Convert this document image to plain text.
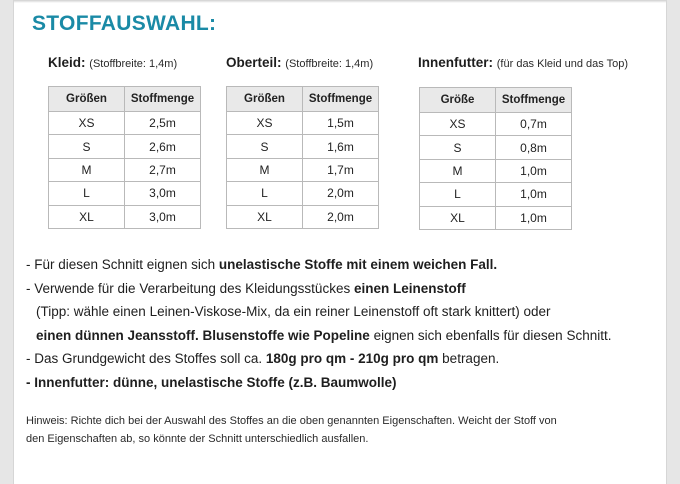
STOFFAUSWAHL:
Kleid: (Stoffbreite: 1,4m)
Größen	Stoffmenge
XS	2,5m
S	2,6m
M	2,7m
L	3,0m
XL	3,0m
Oberteil: (Stoffbreite: 1,4m)
Größen	Stoffmenge
XS	1,5m
S	1,6m
M	1,7m
L	2,0m
XL	2,0m
Innenfutter: (für das Kleid und das Top)
Größe	Stoffmenge
XS	0,7m
S	0,8m
M	1,0m
L	1,0m
XL	1,0m
- Für diesen Schnitt eignen sich unelastische Stoffe mit einem weichen Fall.
- Verwende für die Verarbeitung des Kleidungsstückes einen Leinenstoff
(Tipp: wähle einen Leinen-Viskose-Mix, da ein reiner Leinenstoff oft stark knittert) oder
einen dünnen Jeansstoff. Blusenstoffe wie Popeline eignen sich ebenfalls für diesen Schnitt.
- Das Grundgewicht des Stoffes soll ca. 180g pro qm - 210g pro qm betragen.
- Innenfutter: dünne, unelastische Stoffe (z.B. Baumwolle)
Hinweis: Richte dich bei der Auswahl des Stoffes an die oben genannten Eigenschaften. Weicht der Stoff von
den Eigenschaften ab, so könnte der Schnitt unterschiedlich ausfallen.
